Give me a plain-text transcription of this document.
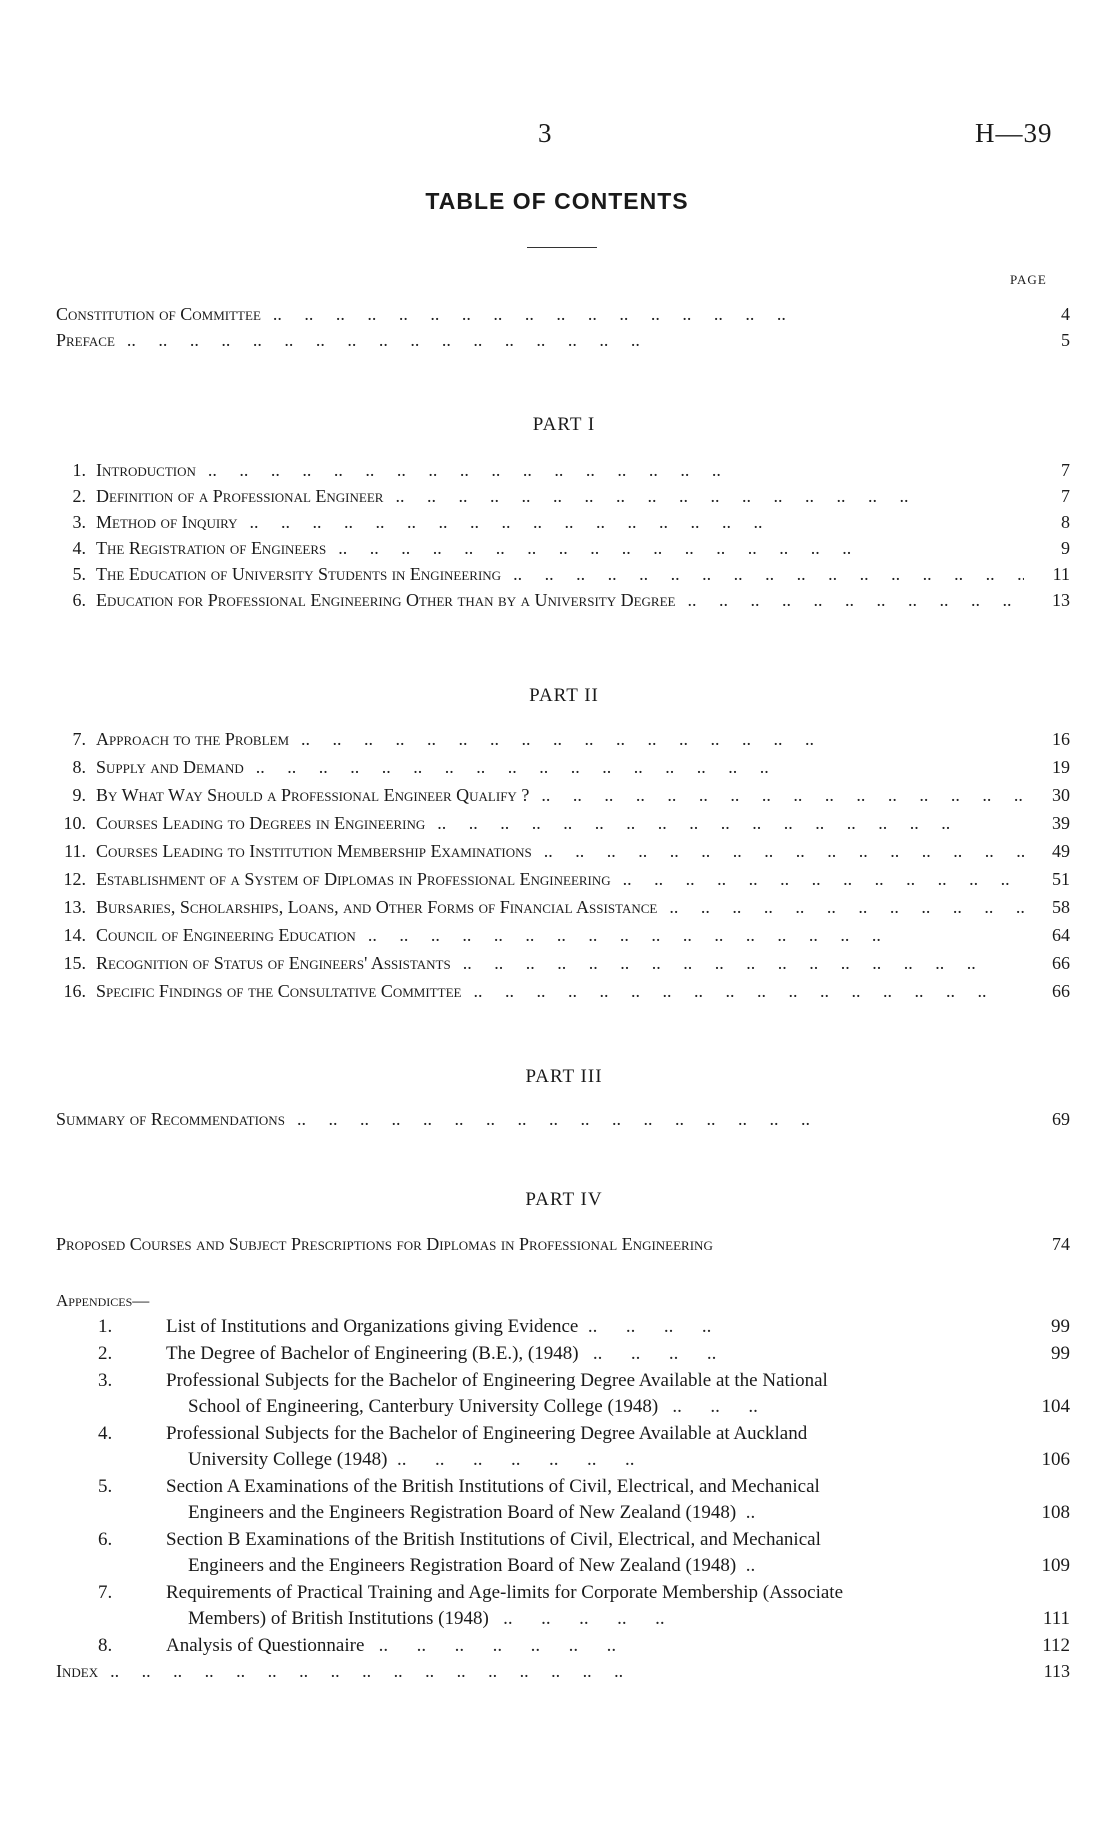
3	H—39
TABLE OF CONTENTS
PAGE
Constitution of Committee ..	4
Preface ..	5
PART I
1. Introduction ..	7
2. Definition of a Professional Engineer ..	7
3. Method of Inquiry ..	8
4. The Registration of Engineers ..	9
5. The Education of University Students in Engineering ..	11
6. Education for Professional Engineering Other than by a University Degree ..	13
PART II
7. Approach to the Problem ..	16
8. Supply and Demand ..	19
9. By What Way Should a Professional Engineer Qualify ? ..	30
10. Courses Leading to Degrees in Engineering ..	39
11. Courses Leading to Institution Membership Examinations ..	49
12. Establishment of a System of Diplomas in Professional Engineering ..	51
13. Bursaries, Scholarships, Loans, and Other Forms of Financial Assistance ..	58
14. Council of Engineering Education ..	64
15. Recognition of Status of Engineers' Assistants ..	66
16. Specific Findings of the Consultative Committee ..	66
PART III
Summary of Recommendations ..	69
PART IV
Proposed Courses and Subject Prescriptions for Diplomas in Professional Engineering	74
Appendices—
1.	List of Institutions and Organizations giving Evidence  ..      ..      ..      ..	99
2.	The Degree of Bachelor of Engineering (B.E.), (1948)   ..      ..      ..      ..	99
3.	Professional Subjects for the Bachelor of Engineering Degree Available at the National
School of Engineering, Canterbury University College (1948)   ..      ..      ..	104
4.	Professional Subjects for the Bachelor of Engineering Degree Available at Auckland
University College (1948)  ..      ..      ..      ..      ..      ..      ..	106
5.	Section A Examinations of the British Institutions of Civil, Electrical, and Mechanical
Engineers and the Engineers Registration Board of New Zealand (1948)  ..	108
6.	Section B Examinations of the British Institutions of Civil, Electrical, and Mechanical
Engineers and the Engineers Registration Board of New Zealand (1948)  ..	109
7.	Requirements of Practical Training and Age-limits for Corporate Membership (Associate
Members) of British Institutions (1948)   ..      ..      ..      ..      ..	111
8.	Analysis of Questionnaire   ..      ..      ..      ..      ..      ..      ..	112
Index ..	113
